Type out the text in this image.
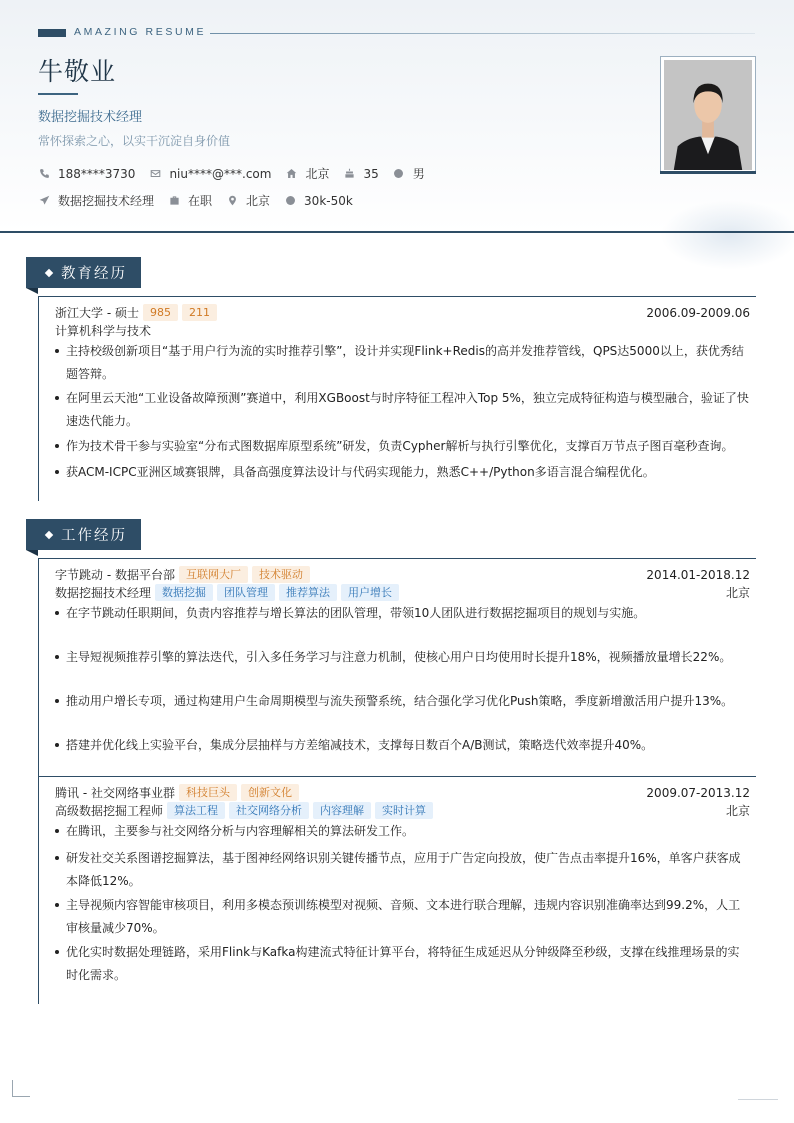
AMAZING RESUME
牛敬业
数据挖掘技术经理
常怀探索之心，以实干沉淀自身价值
188****3730	niu****@***.com	北京	35	男
数据挖掘技术经理	在职	北京	30k-50k
教育经历
浙江大学 - 硕士	985	211	2006.09-2009.06
计算机科学与技术
主持校级创新项目“基于用户行为流的实时推荐引擎”，设计并实现Flink+Redis的高并发推荐管线，QPS达5000以上，获优秀结题答辩。
在阿里云天池“工业设备故障预测”赛道中，利用XGBoost与时序特征工程冲入Top 5%，独立完成特征构造与模型融合，验证了快速迭代能力。
作为技术骨干参与实验室“分布式图数据库原型系统”研发，负责Cypher解析与执行引擎优化，支撑百万节点子图百毫秒查询。
获ACM-ICPC亚洲区域赛银牌，具备高强度算法设计与代码实现能力，熟悉C++/Python多语言混合编程优化。
工作经历
字节跳动 - 数据平台部	互联网大厂	技术驱动	2014.01-2018.12
数据挖掘技术经理	数据挖掘	团队管理	推荐算法	用户增长	北京
在字节跳动任职期间，负责内容推荐与增长算法的团队管理，带领10人团队进行数据挖掘项目的规划与实施。
主导短视频推荐引擎的算法迭代，引入多任务学习与注意力机制，使核心用户日均使用时长提升18%，视频播放量增长22%。
推动用户增长专项，通过构建用户生命周期模型与流失预警系统，结合强化学习优化Push策略，季度新增激活用户提升13%。
搭建并优化线上实验平台，集成分层抽样与方差缩减技术，支撑每日数百个A/B测试，策略迭代效率提升40%。
腾讯 - 社交网络事业群	科技巨头	创新文化	2009.07-2013.12
高级数据挖掘工程师	算法工程	社交网络分析	内容理解	实时计算	北京
在腾讯，主要参与社交网络分析与内容理解相关的算法研发工作。
研发社交关系图谱挖掘算法，基于图神经网络识别关键传播节点，应用于广告定向投放，使广告点击率提升16%，单客户获客成本降低12%。
主导视频内容智能审核项目，利用多模态预训练模型对视频、音频、文本进行联合理解，违规内容识别准确率达到99.2%，人工审核量减少70%。
优化实时数据处理链路，采用Flink与Kafka构建流式特征计算平台，将特征生成延迟从分钟级降至秒级，支撑在线推理场景的实时化需求。
